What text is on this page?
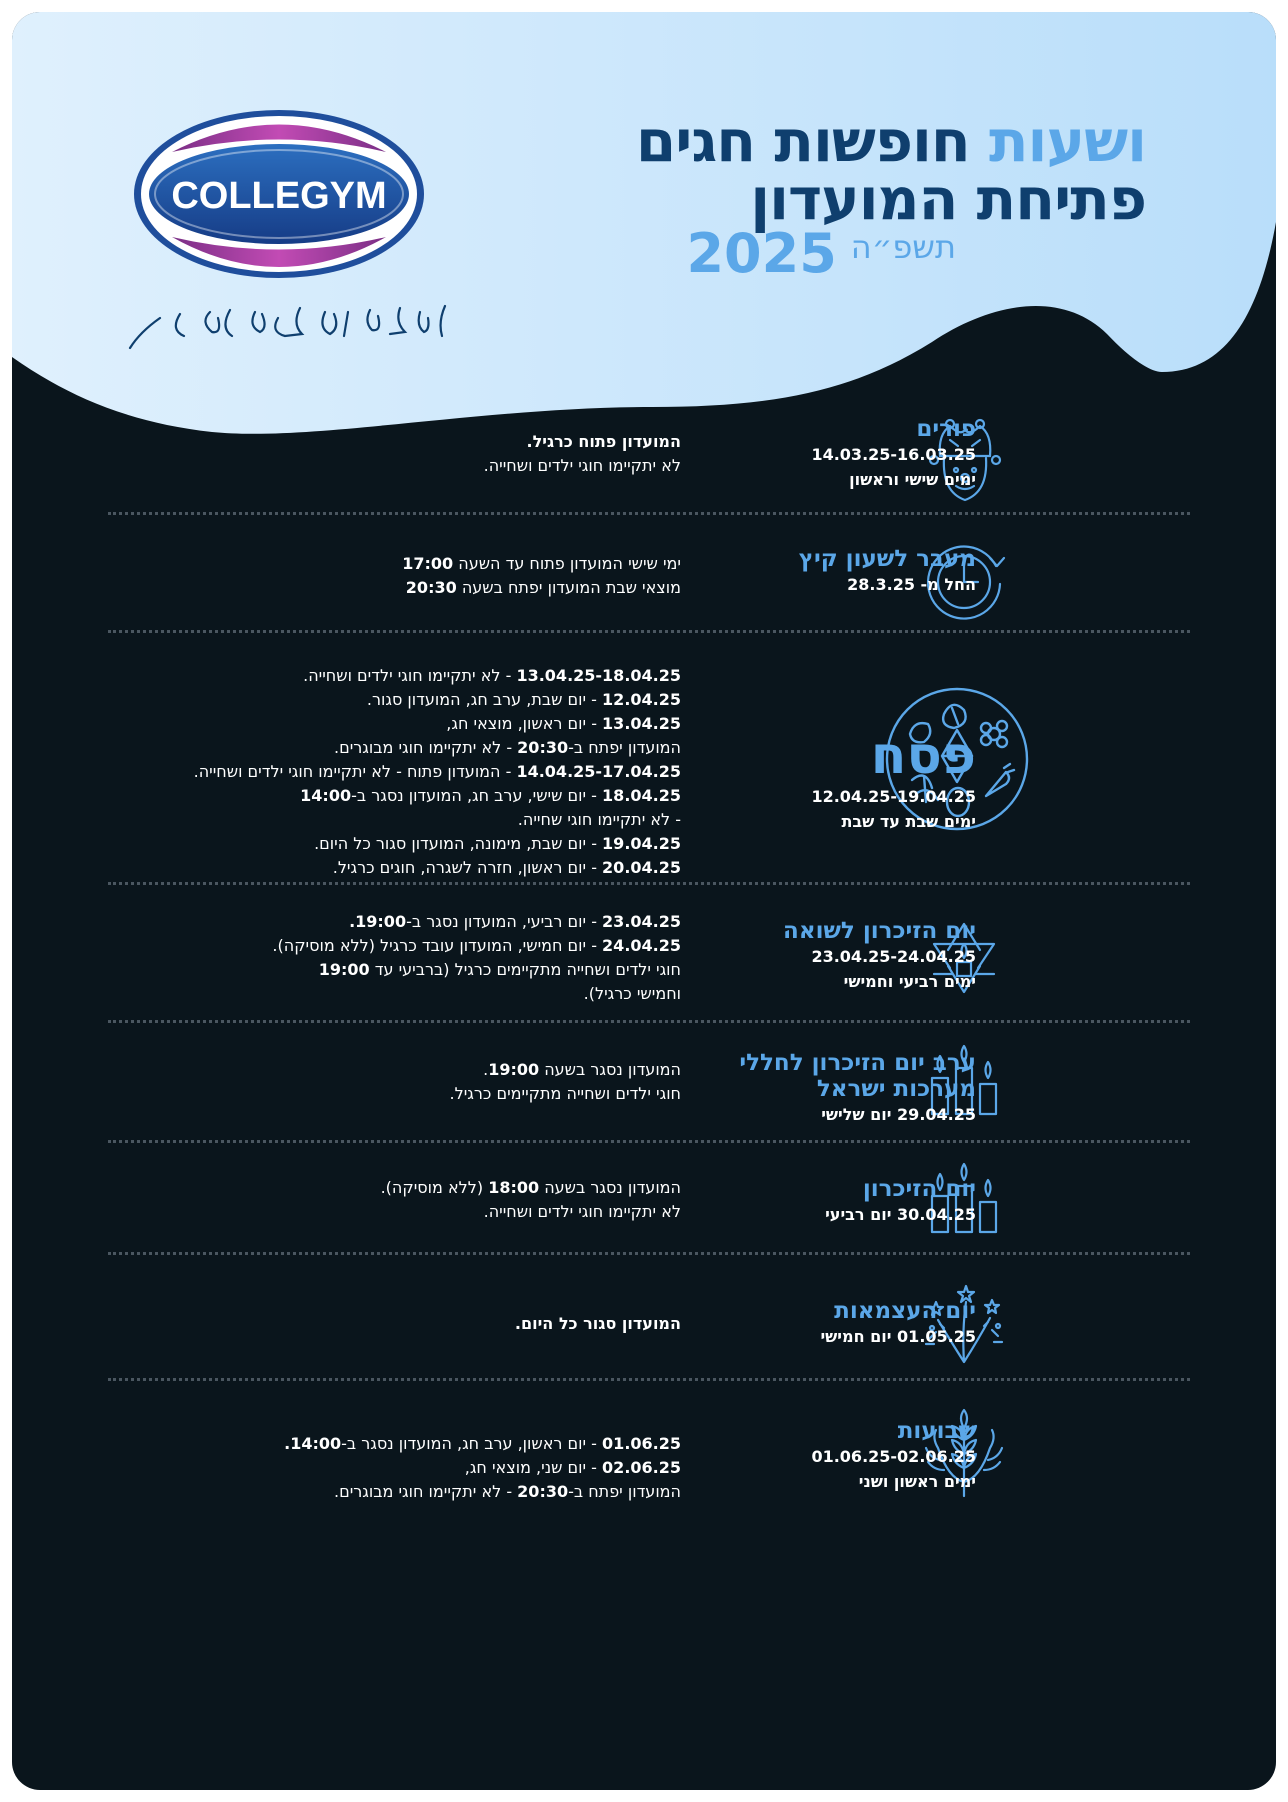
COLLEGYM
ושעות חופשות חגים
פתיחת המועדון
תשפ״ה
2025
פורים
14.03.25-16.03.25
ימים שישי וראשון
המועדון פתוח כרגיל.
לא יתקיימו חוגי ילדים ושחייה.
מעבר לשעון קיץ
החל מ- 28.3.25
ימי שישי המועדון פתוח עד השעה 17:00
מוצאי שבת המועדון יפתח בשעה 20:30
פסח
12.04.25-19.04.25
ימים שבת עד שבת
13.04.25-18.04.25 - לא יתקיימו חוגי ילדים ושחייה.
12.04.25 - יום שבת, ערב חג, המועדון סגור.
13.04.25 - יום ראשון, מוצאי חג,
המועדון יפתח ב-20:30 - לא יתקיימו חוגי מבוגרים.
14.04.25-17.04.25 - המועדון פתוח - לא יתקיימו חוגי ילדים ושחייה.
18.04.25 - יום שישי, ערב חג, המועדון נסגר ב-14:00
- לא יתקיימו חוגי שחייה.
19.04.25 - יום שבת, מימונה, המועדון סגור כל היום.
20.04.25 - יום ראשון, חזרה לשגרה, חוגים כרגיל.
יום הזיכרון לשואה
23.04.25-24.04.25
ימים רביעי וחמישי
23.04.25 - יום רביעי, המועדון נסגר ב-19:00.
24.04.25 - יום חמישי, המועדון עובד כרגיל (ללא מוסיקה).
חוגי ילדים ושחייה מתקיימים כרגיל (ברביעי עד 19:00
וחמישי כרגיל).
ערב יום הזיכרון לחללי מערכות ישראל
29.04.25 יום שלישי
המועדון נסגר בשעה 19:00.
חוגי ילדים ושחייה מתקיימים כרגיל.
יום הזיכרון
30.04.25 יום רביעי
המועדון נסגר בשעה 18:00 (ללא מוסיקה).
לא יתקיימו חוגי ילדים ושחייה.
יום העצמאות
01.05.25 יום חמישי
המועדון סגור כל היום.
שבועות
01.06.25-02.06.25
ימים ראשון ושני
01.06.25 - יום ראשון, ערב חג, המועדון נסגר ב-14:00.
02.06.25 - יום שני, מוצאי חג,
המועדון יפתח ב-20:30 - לא יתקיימו חוגי מבוגרים.
